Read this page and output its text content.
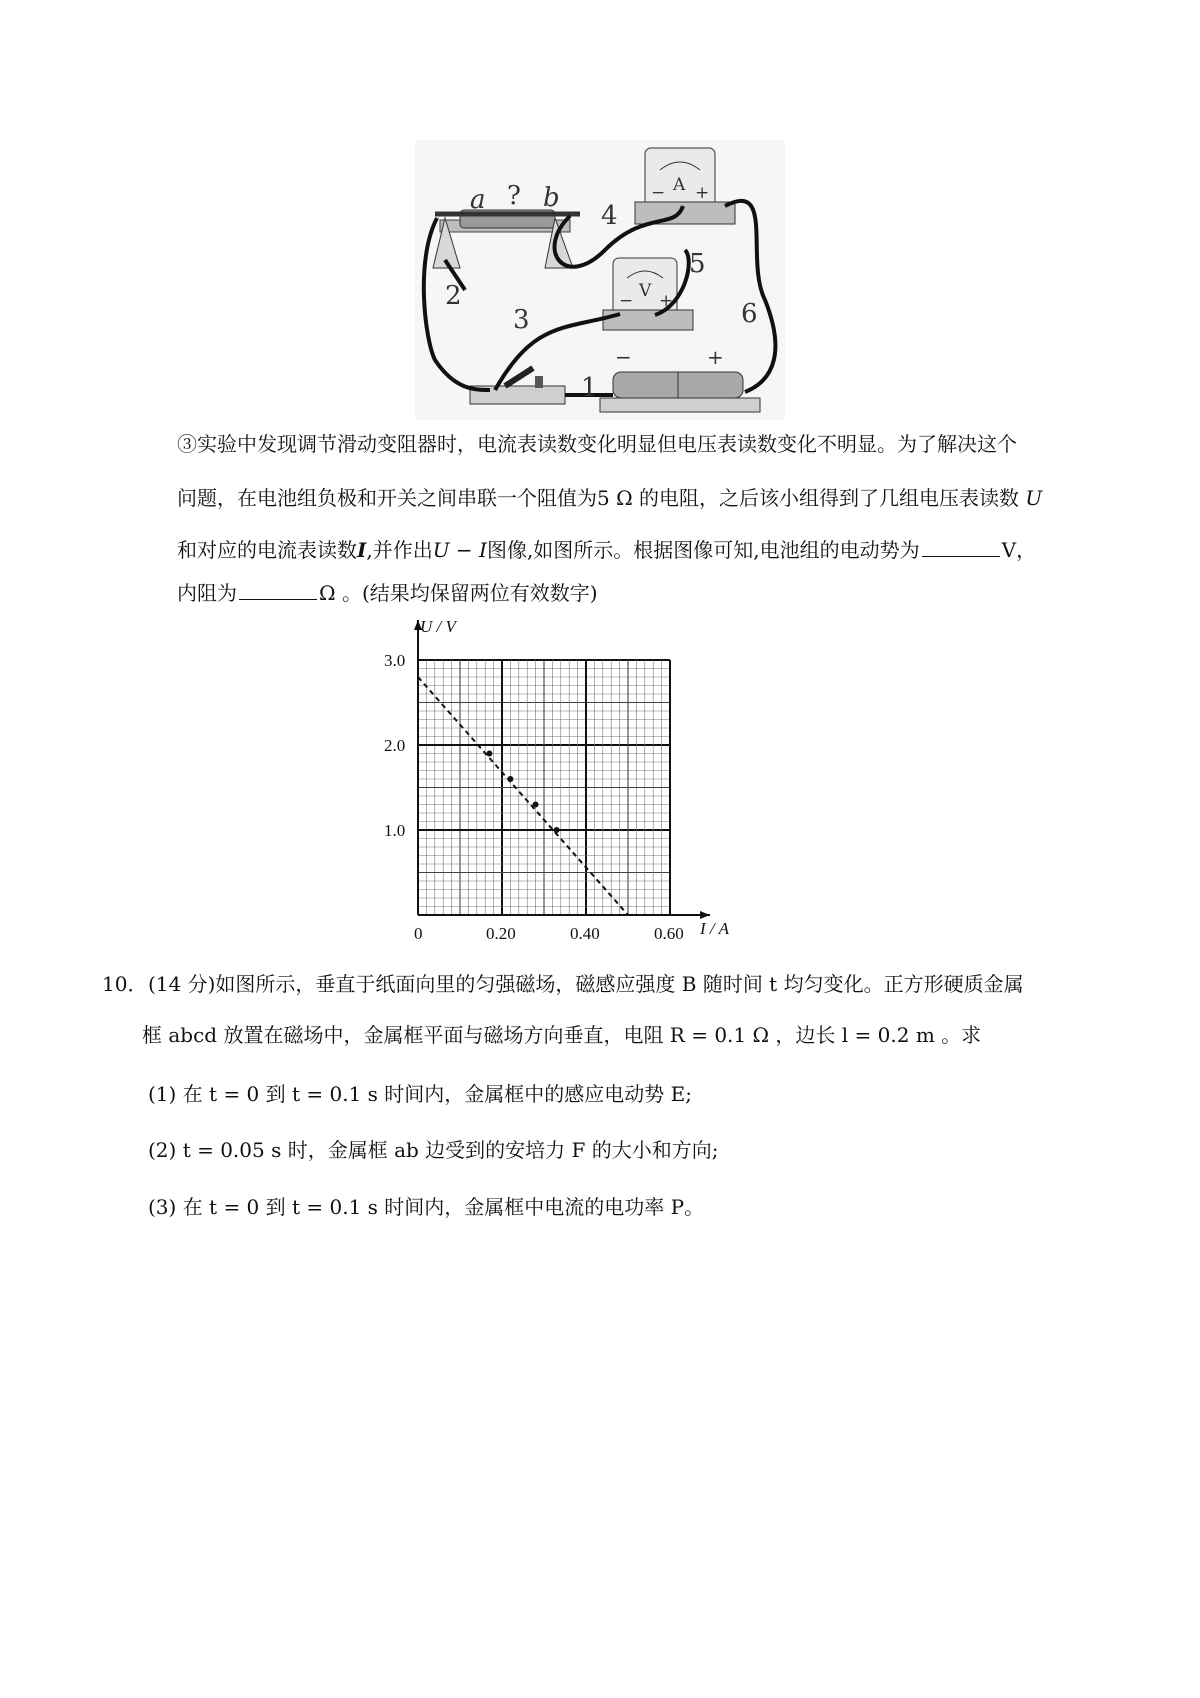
a ? b	A
− +
V
− +
−	+
1
2
3
4
5
6
③实验中发现调节滑动变阻器时，电流表读数变化明显但电压表读数变化不明显。为了解决这个
问题，在电池组负极和开关之间串联一个阻值为5 Ω 的电阻，之后该小组得到了几组电压表读数 U
和对应的电流表读数I,并作出U − I图像,如图所示。根据图像可知,电池组的电动势为	V，
内阻为	Ω 。(结果均保留两位有效数字)
0	0.20	0.40	0.60
1.0
2.0
3.0
U / V
I / A
10． (14 分)如图所示，垂直于纸面向里的匀强磁场，磁感应强度 B 随时间 t 均匀变化。正方形硬质金属
框 abcd 放置在磁场中，金属框平面与磁场方向垂直，电阻 R = 0.1 Ω ，边长 l = 0.2 m 。求
(1) 在 t = 0 到 t = 0.1 s 时间内，金属框中的感应电动势 E;
(2) t = 0.05 s 时，金属框 ab 边受到的安培力 F 的大小和方向;
(3) 在 t = 0 到 t = 0.1 s 时间内，金属框中电流的电功率 P。
